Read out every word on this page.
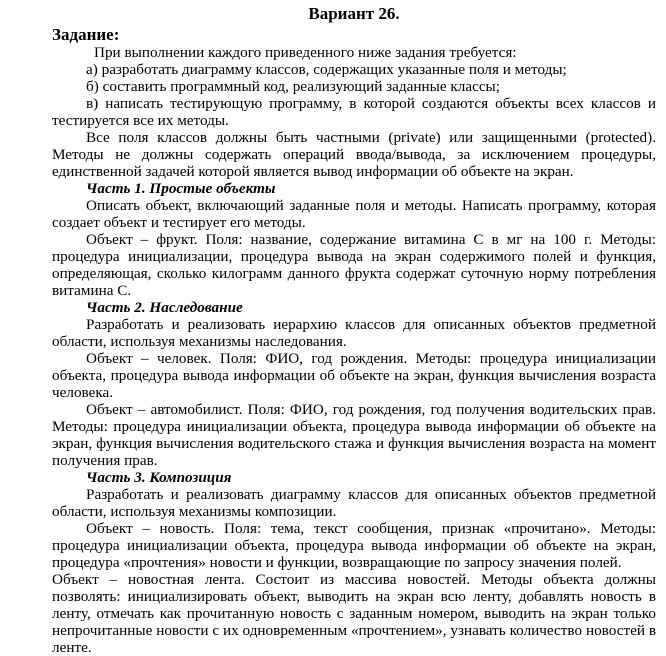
Вариант 26.
Задание:

При выполнении каждого приведенного ниже задания требуется:

а) разработать диаграмму классов, содержащих указанные поля и методы;

б) составить программный код, реализующий заданные классы;

в) написать тестирующую программу, в которой создаются объекты всех классов и тестируется все их методы.

Все поля классов должны быть частными (private) или защищенными (protected). Методы не должны содержать операций ввода/вывода, за исключением процедуры, единственной задачей которой является вывод информации об объекте на экран.

Часть 1. Простые объекты

Описать объект, включающий заданные поля и методы. Написать программу, которая создает объект и тестирует его методы.

Объект – фрукт. Поля: название, содержание витамина С в мг на 100 г. Методы: процедура инициализации, процедура вывода на экран содержимого полей и функция, определяющая, сколько килограмм данного фрукта содержат суточную норму потребления витамина С.

Часть 2. Наследование

Разработать и реализовать иерархию классов для описанных объектов предметной области, используя механизмы наследования.

Объект – человек. Поля: ФИО, год рождения. Методы: процедура инициализации объекта, процедура вывода информации об объекте на экран, функция вычисления возраста человека.

Объект – автомобилист. Поля: ФИО, год рождения, год получения водительских прав. Методы: процедура инициализации объекта, процедура вывода информации об объекте на экран, функция вычисления водительского стажа и функция вычисления возраста на момент получения прав.

Часть 3. Композиция

Разработать и реализовать диаграмму классов для описанных объектов предметной области, используя механизмы композиции.

Объект – новость. Поля: тема, текст сообщения, признак «прочитано». Методы: процедура инициализации объекта, процедура вывода информации об объекте на экран, процедура «прочтения» новости и функции, возвращающие по запросу значения полей.

Объект – новостная лента. Состоит из массива новостей. Методы объекта должны позволять: инициализировать объект, выводить на экран всю ленту, добавлять новость в ленту, отмечать как прочитанную новость с заданным номером, выводить на экран только непрочитанные новости с их одновременным «прочтением», узнавать количество новостей в ленте.
